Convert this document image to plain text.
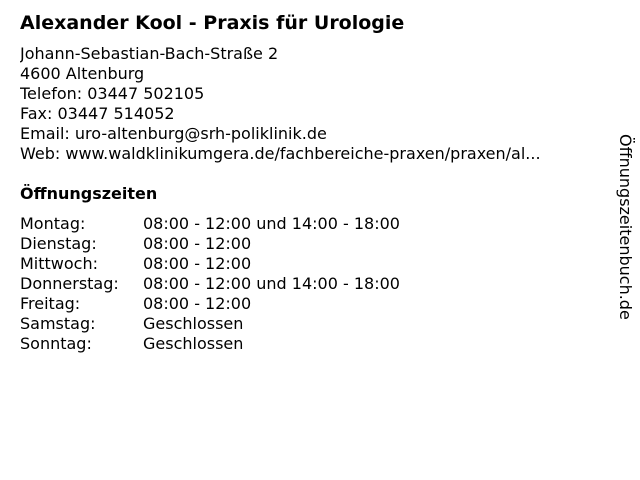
Alexander Kool - Praxis für Urologie
Johann-Sebastian-Bach-Straße 2
4600 Altenburg
Telefon: 03447 502105
Fax: 03447 514052
Email: uro-altenburg@srh-poliklinik.de
Web: www.waldklinikumgera.de/fachbereiche-praxen/praxen/al...
Öffnungszeiten
Montag:	08:00 - 12:00 und 14:00 - 18:00
Dienstag:	08:00 - 12:00
Mittwoch:	08:00 - 12:00
Donnerstag: 08:00 - 12:00 und 14:00 - 18:00
Freitag:	08:00 - 12:00
Samstag:	Geschlossen
Sonntag:	Geschlossen
Öffnungszeitenbuch.de
